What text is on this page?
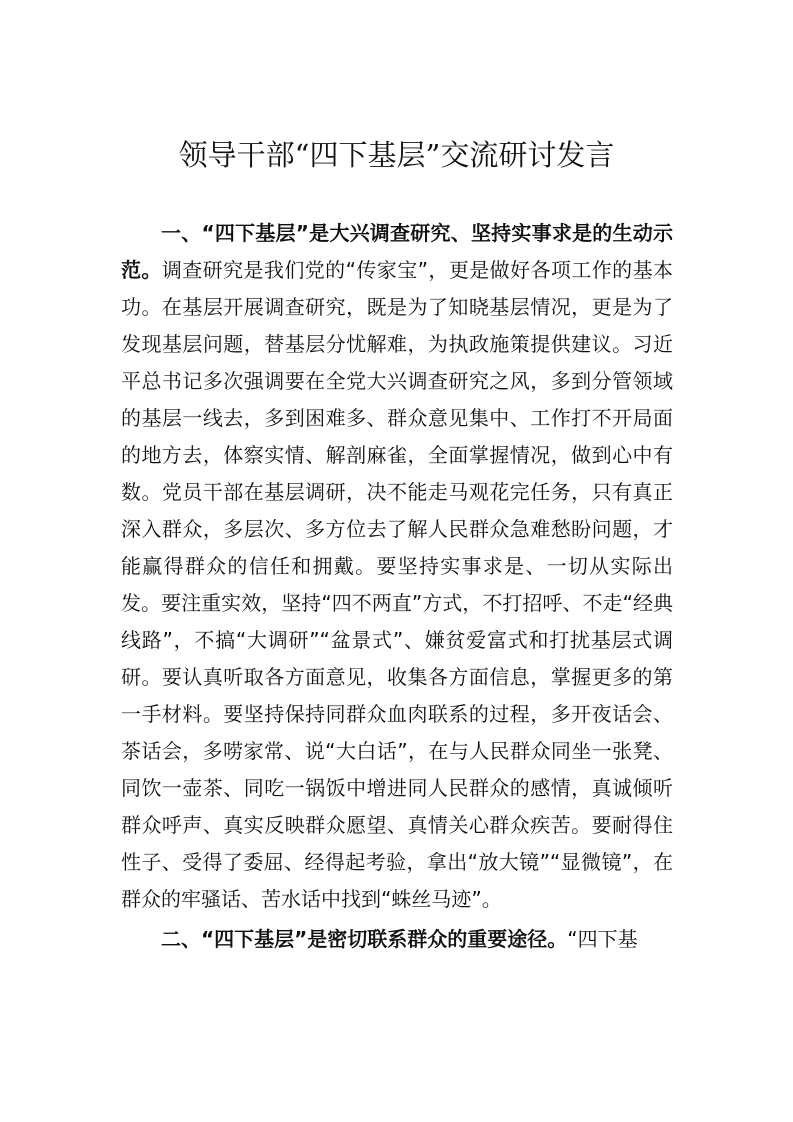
领导干部“四下基层”交流研讨发言

一、“四下基层”是大兴调查研究、坚持实事求是的生动示范。调查研究是我们党的“传家宝”，更是做好各项工作的基本功。在基层开展调查研究，既是为了知晓基层情况，更是为了发现基层问题，替基层分忧解难，为执政施策提供建议。习近平总书记多次强调要在全党大兴调查研究之风，多到分管领域的基层一线去，多到困难多、群众意见集中、工作打不开局面的地方去，体察实情、解剖麻雀，全面掌握情况，做到心中有数。党员干部在基层调研，决不能走马观花完任务，只有真正深入群众，多层次、多方位去了解人民群众急难愁盼问题，才能赢得群众的信任和拥戴。要坚持实事求是、一切从实际出发。要注重实效，坚持“四不两直”方式，不打招呼、不走“经典线路”，不搞“大调研”“盆景式”、嫌贫爱富式和打扰基层式调研。要认真听取各方面意见，收集各方面信息，掌握更多的第一手材料。要坚持保持同群众血肉联系的过程，多开夜话会、茶话会，多唠家常、说“大白话”，在与人民群众同坐一张凳、同饮一壶茶、同吃一锅饭中增进同人民群众的感情，真诚倾听群众呼声、真实反映群众愿望、真情关心群众疾苦。要耐得住性子、受得了委屈、经得起考验，拿出“放大镜”“显微镜”，在群众的牢骚话、苦水话中找到“蛛丝马迹”。

二、“四下基层”是密切联系群众的重要途径。“四下基
